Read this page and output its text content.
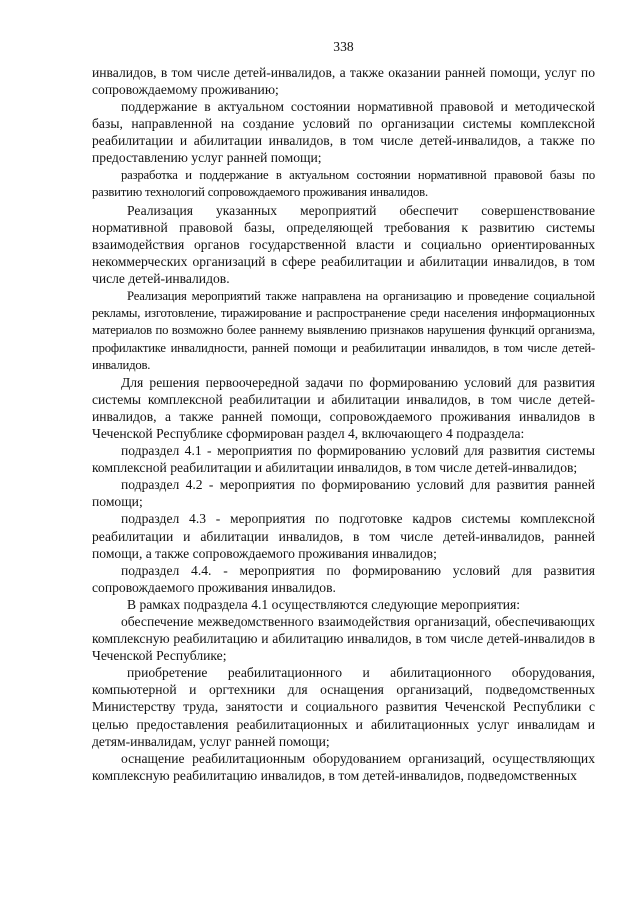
338

инвалидов, в том числе детей-инвалидов, а также оказании ранней помощи, услуг по сопровождаемому проживанию;

поддержание в актуальном состоянии нормативной правовой и методической базы, направленной на создание условий по организации системы комплексной реабилитации и абилитации инвалидов, в том числе детей-инвалидов, а также по предоставлению услуг ранней помощи;

разработка и поддержание в актуальном состоянии нормативной правовой базы по развитию технологий сопровождаемого проживания инвалидов.

Реализация указанных мероприятий обеспечит совершенствование нормативной правовой базы, определяющей требования к развитию системы взаимодействия органов государственной власти и социально ориентированных некоммерческих организаций в сфере реабилитации и абилитации инвалидов, в том числе детей-инвалидов.

Реализация мероприятий также направлена на организацию и проведение социальной рекламы, изготовление, тиражирование и распространение среди населения информационных материалов по возможно более раннему выявлению признаков нарушения функций организма, профилактике инвалидности, ранней помощи и реабилитации инвалидов, в том числе детей-инвалидов.

Для решения первоочередной задачи по формированию условий для развития системы комплексной реабилитации и абилитации инвалидов, в том числе детей-инвалидов, а также ранней помощи, сопровождаемого проживания инвалидов в Чеченской Республике сформирован раздел 4, включающего 4 подраздела:

подраздел 4.1 - мероприятия по формированию условий для развития системы комплексной реабилитации и абилитации инвалидов, в том числе детей-инвалидов;

подраздел 4.2 - мероприятия по формированию условий для развития ранней помощи;

подраздел 4.3 - мероприятия по подготовке кадров системы комплексной реабилитации и абилитации инвалидов, в том числе детей-инвалидов, ранней помощи, а также сопровождаемого проживания инвалидов;

подраздел 4.4. - мероприятия по формированию условий для развития сопровождаемого проживания инвалидов.

В рамках подраздела 4.1 осуществляются следующие мероприятия:

обеспечение межведомственного взаимодействия организаций, обеспечивающих комплексную реабилитацию и абилитацию инвалидов, в том числе детей-инвалидов в Чеченской Республике;

приобретение реабилитационного и абилитационного оборудования, компьютерной и оргтехники для оснащения организаций, подведомственных Министерству труда, занятости и социального развития Чеченской Республики с целью предоставления реабилитационных и абилитационных услуг инвалидам и детям-инвалидам, услуг ранней помощи;

оснащение реабилитационным оборудованием организаций, осуществляющих комплексную реабилитацию инвалидов, в том детей-инвалидов, подведомственных
